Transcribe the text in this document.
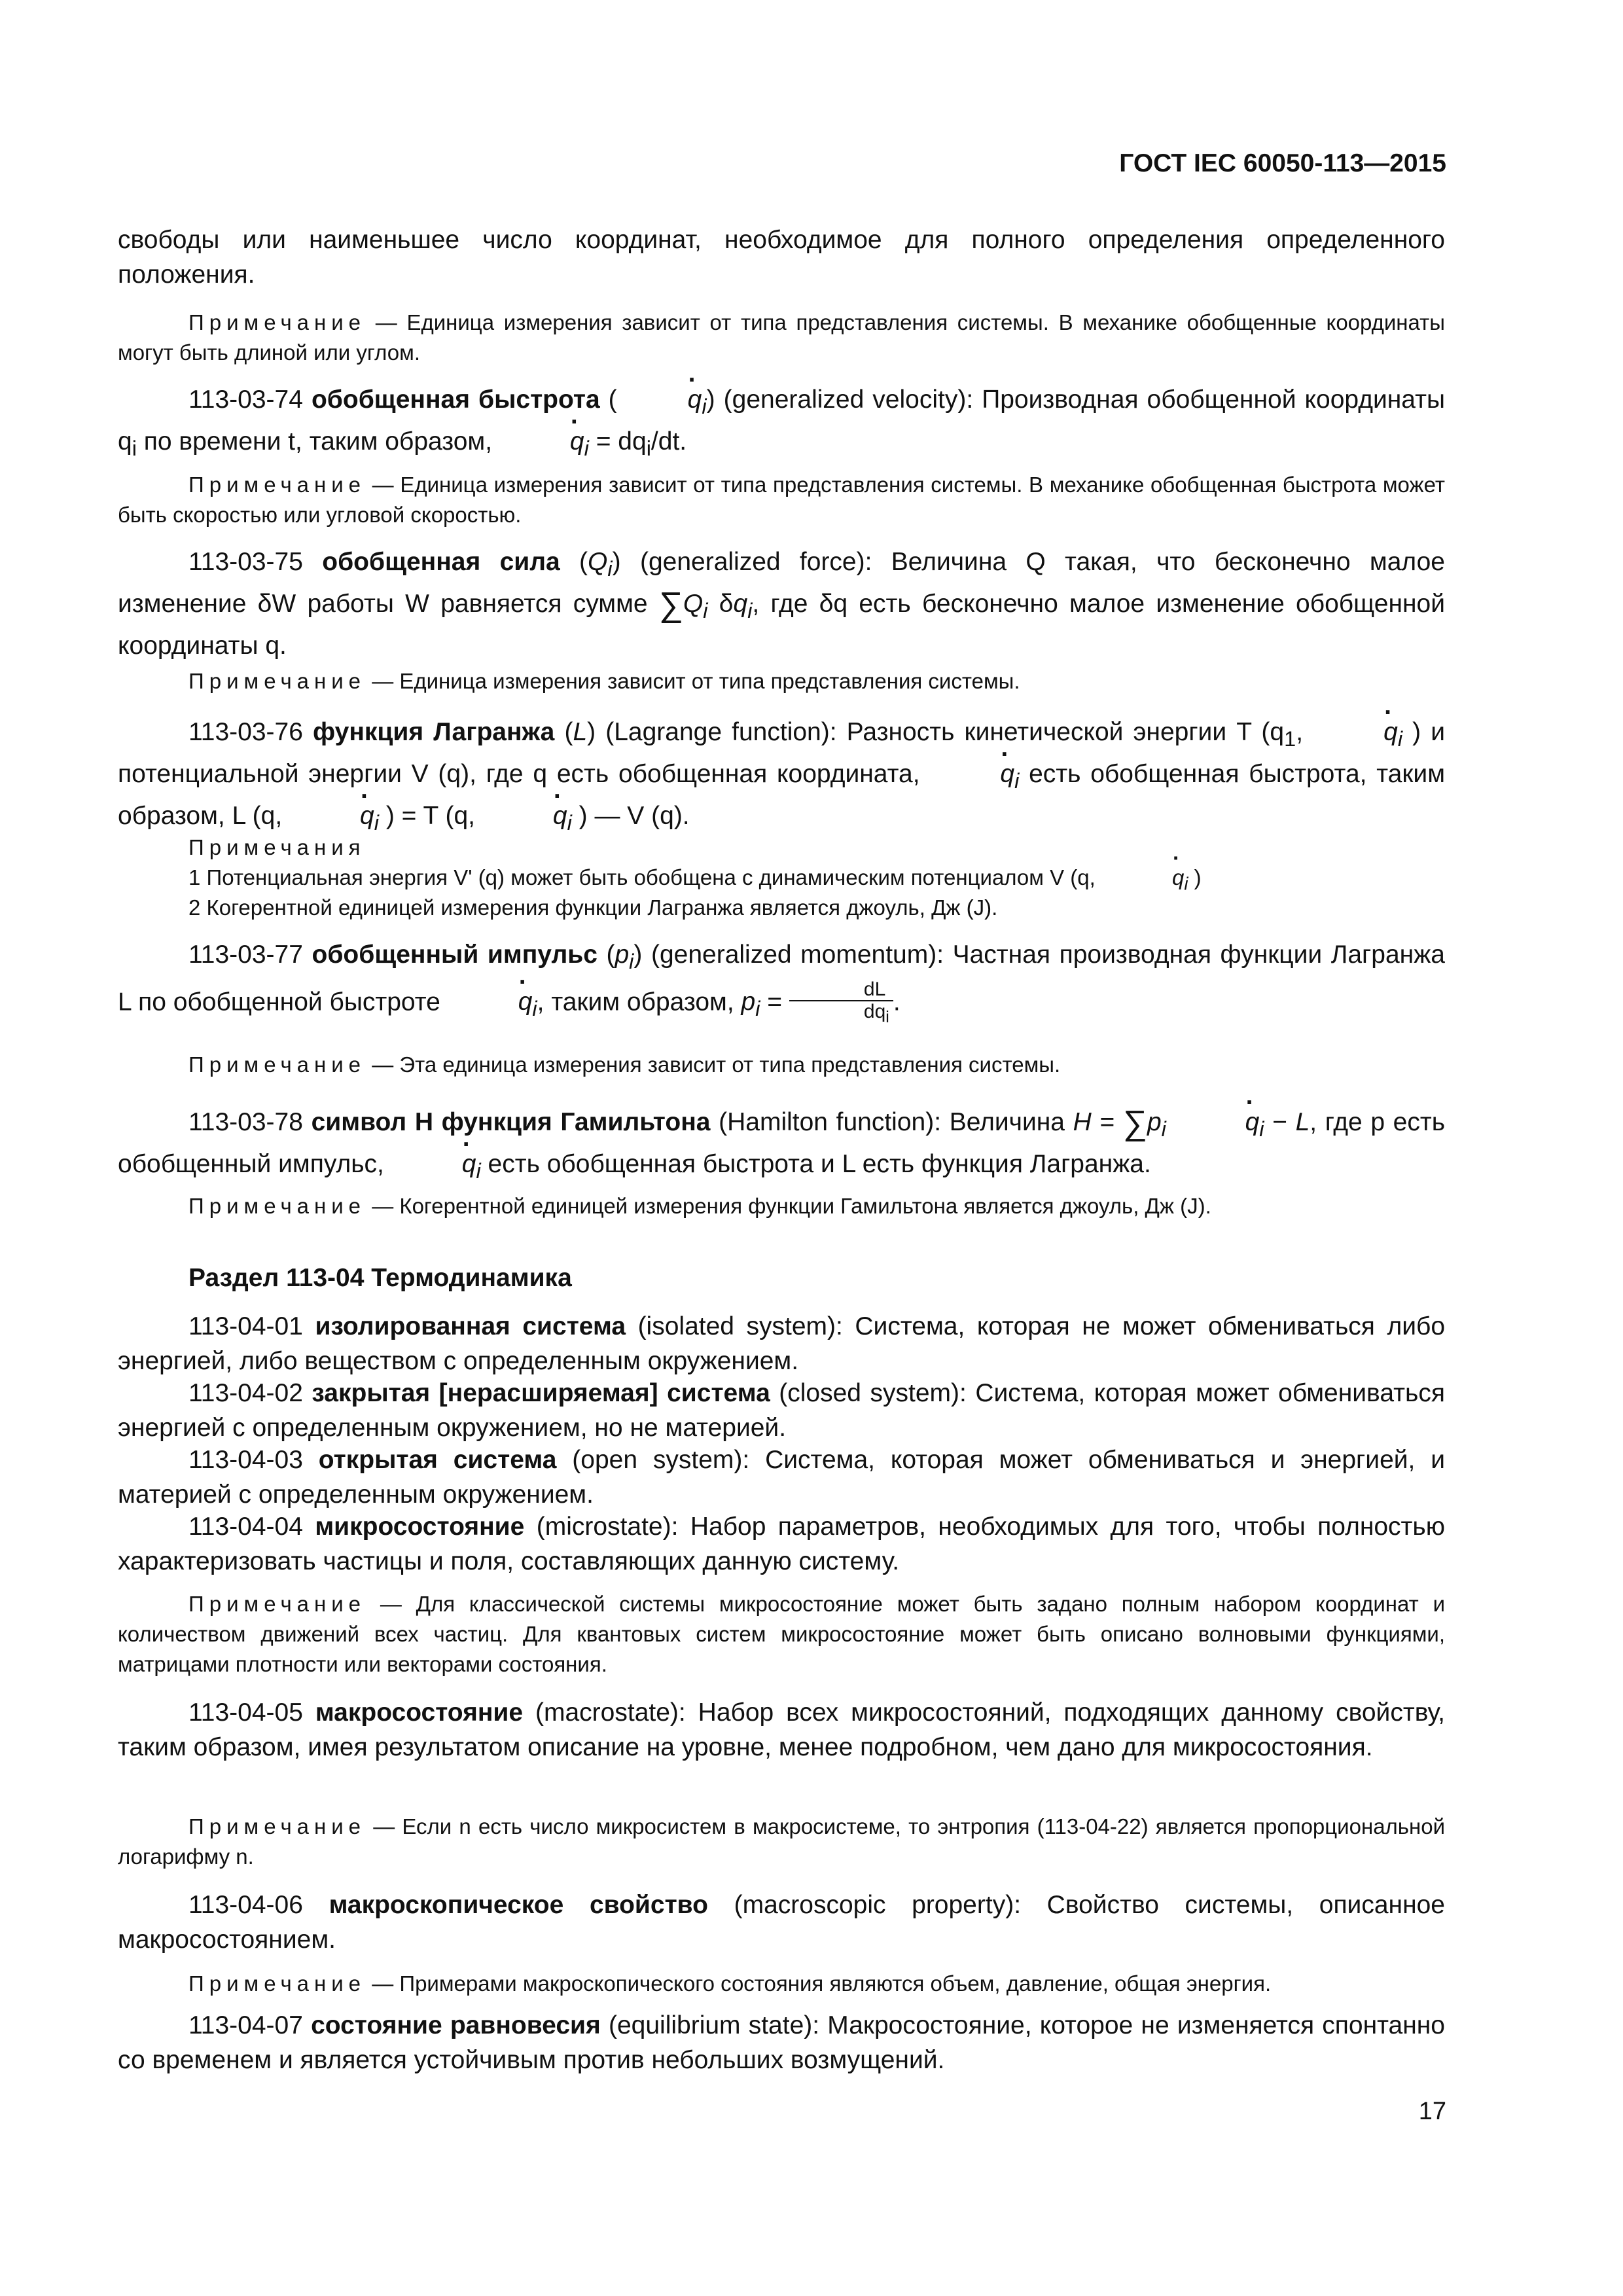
ГОСТ IEC 60050-113—2015
свободы или наименьшее число координат, необходимое для полного определения определенного положения.
Примечание — Единица измерения зависит от типа представления системы. В механике обобщенные координаты могут быть длиной или углом.
113-03-74 обобщенная быстрота (	· $q_i$) (generalized velocity): Производная обобщенной координаты $q_i$ по времени t, таким образом,	· $q_i = dq_i/dt$.
Примечание — Единица измерения зависит от типа представления системы. В механике обобщенная быстрота может быть скоростью или угловой скоростью.
113-03-75 обобщенная сила $(Q_i)$ (generalized force): Величина Q такая, что бесконечно малое изменение δW работы W равняется сумме $\sum Q_i$ $\delta q_i$, где δq есть бесконечно малое изменение обобщенной координаты q.
Примечание — Единица измерения зависит от типа представления системы.
113-03-76 функция Лагранжа (L) (Lagrange function): Разность кинетической энергии T ($q_1$,	· $q_i$ ) и потенциальной энергии V (q), где q есть обобщенная координата,	· $q_i$ есть обобщенная быстрота, таким образом, L (q,	· $q_i$ ) = T (q,	· $q_i$ ) — V (q).
Примечания
1 Потенциальная энергия V' (q) может быть обобщена с динамическим потенциалом V (q,	· $q_i$ )
2 Когерентной единицей измерения функции Лагранжа является джоуль, Дж (J).
113-03-77 обобщенный импульс $(p_i)$ (generalized momentum): Частная производная функции Лагранжа L по обобщенной быстроте	· $q_i$, таким образом, $p_i = \frac{dL}{dq_i}$ .
Примечание — Эта единица измерения зависит от типа представления системы.
113-03-78 символ H функция Гамильтона (Hamilton function): Величина $H = \sum p_i$	· $q_i - L$, где p есть обобщенный импульс,	· $q_i$ есть обобщенная быстрота и L есть функция Лагранжа.
Примечание — Когерентной единицей измерения функции Гамильтона является джоуль, Дж (J).
Раздел 113-04 Термодинамика
113-04-01 изолированная система (isolated system): Система, которая не может обмениваться либо энергией, либо веществом с определенным окружением.
113-04-02 закрытая [нерасширяемая] система (closed system): Система, которая может обмениваться энергией с определенным окружением, но не материей.
113-04-03 открытая система (open system): Система, которая может обмениваться и энергией, и материей с определенным окружением.
113-04-04 микросостояние (microstate): Набор параметров, необходимых для того, чтобы полностью характеризовать частицы и поля, составляющих данную систему.
Примечание — Для классической системы микросостояние может быть задано полным набором координат и количеством движений всех частиц. Для квантовых систем микросостояние может быть описано волновыми функциями, матрицами плотности или векторами состояния.
113-04-05 макросостояние (macrostate): Набор всех микросостояний, подходящих данному свойству, таким образом, имея результатом описание на уровне, менее подробном, чем дано для микросостояния.
Примечание — Если n есть число микросистем в макросистеме, то энтропия (113-04-22) является пропорциональной логарифму n.
113-04-06 макроскопическое свойство (macroscopic property): Свойство системы, описанное макросостоянием.
Примечание — Примерами макроскопического состояния являются объем, давление, общая энергия.
113-04-07 состояние равновесия (equilibrium state): Макросостояние, которое не изменяется спонтанно со временем и является устойчивым против небольших возмущений.
17
